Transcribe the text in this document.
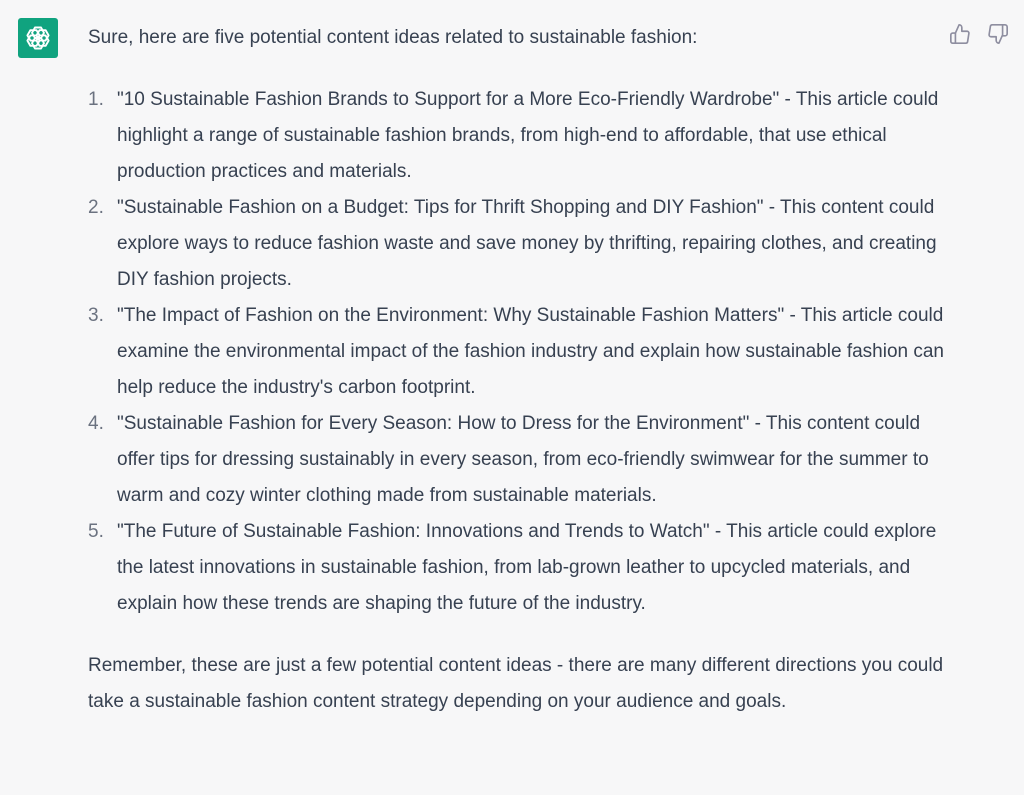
Sure, here are five potential content ideas related to sustainable fashion:

1. "10 Sustainable Fashion Brands to Support for a More Eco-Friendly Wardrobe" - This article could highlight a range of sustainable fashion brands, from high-end to affordable, that use ethical production practices and materials.
2. "Sustainable Fashion on a Budget: Tips for Thrift Shopping and DIY Fashion" - This content could explore ways to reduce fashion waste and save money by thrifting, repairing clothes, and creating DIY fashion projects.
3. "The Impact of Fashion on the Environment: Why Sustainable Fashion Matters" - This article could examine the environmental impact of the fashion industry and explain how sustainable fashion can help reduce the industry's carbon footprint.
4. "Sustainable Fashion for Every Season: How to Dress for the Environment" - This content could offer tips for dressing sustainably in every season, from eco-friendly swimwear for the summer to warm and cozy winter clothing made from sustainable materials.
5. "The Future of Sustainable Fashion: Innovations and Trends to Watch" - This article could explore the latest innovations in sustainable fashion, from lab-grown leather to upcycled materials, and explain how these trends are shaping the future of the industry.

Remember, these are just a few potential content ideas - there are many different directions you could take a sustainable fashion content strategy depending on your audience and goals.
